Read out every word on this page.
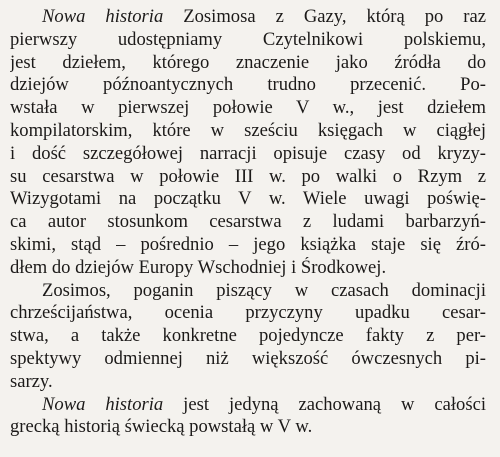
Nowa historia Zosimosa z Gazy, którą po raz
pierwszy udostępniamy Czytelnikowi polskiemu,
jest dziełem, którego znaczenie jako źródła do
dziejów późnoantycznych trudno przecenić. Po-
wstała w pierwszej połowie V w., jest dziełem
kompilatorskim, które w sześciu księgach w ciągłej
i dość szczegółowej narracji opisuje czasy od kryzy-
su cesarstwa w połowie III w. po walki o Rzym z
Wizygotami na początku V w. Wiele uwagi poświę-
ca autor stosunkom cesarstwa z ludami barbarzyń-
skimi, stąd – pośrednio – jego książka staje się źró-
dłem do dziejów Europy Wschodniej i Środkowej.
Zosimos, poganin piszący w czasach dominacji
chrześcijaństwa, ocenia przyczyny upadku cesar-
stwa, a także konkretne pojedyncze fakty z per-
spektywy odmiennej niż większość ówczesnych pi-
sarzy.
Nowa historia jest jedyną zachowaną w całości
grecką historią świecką powstałą w V w.
